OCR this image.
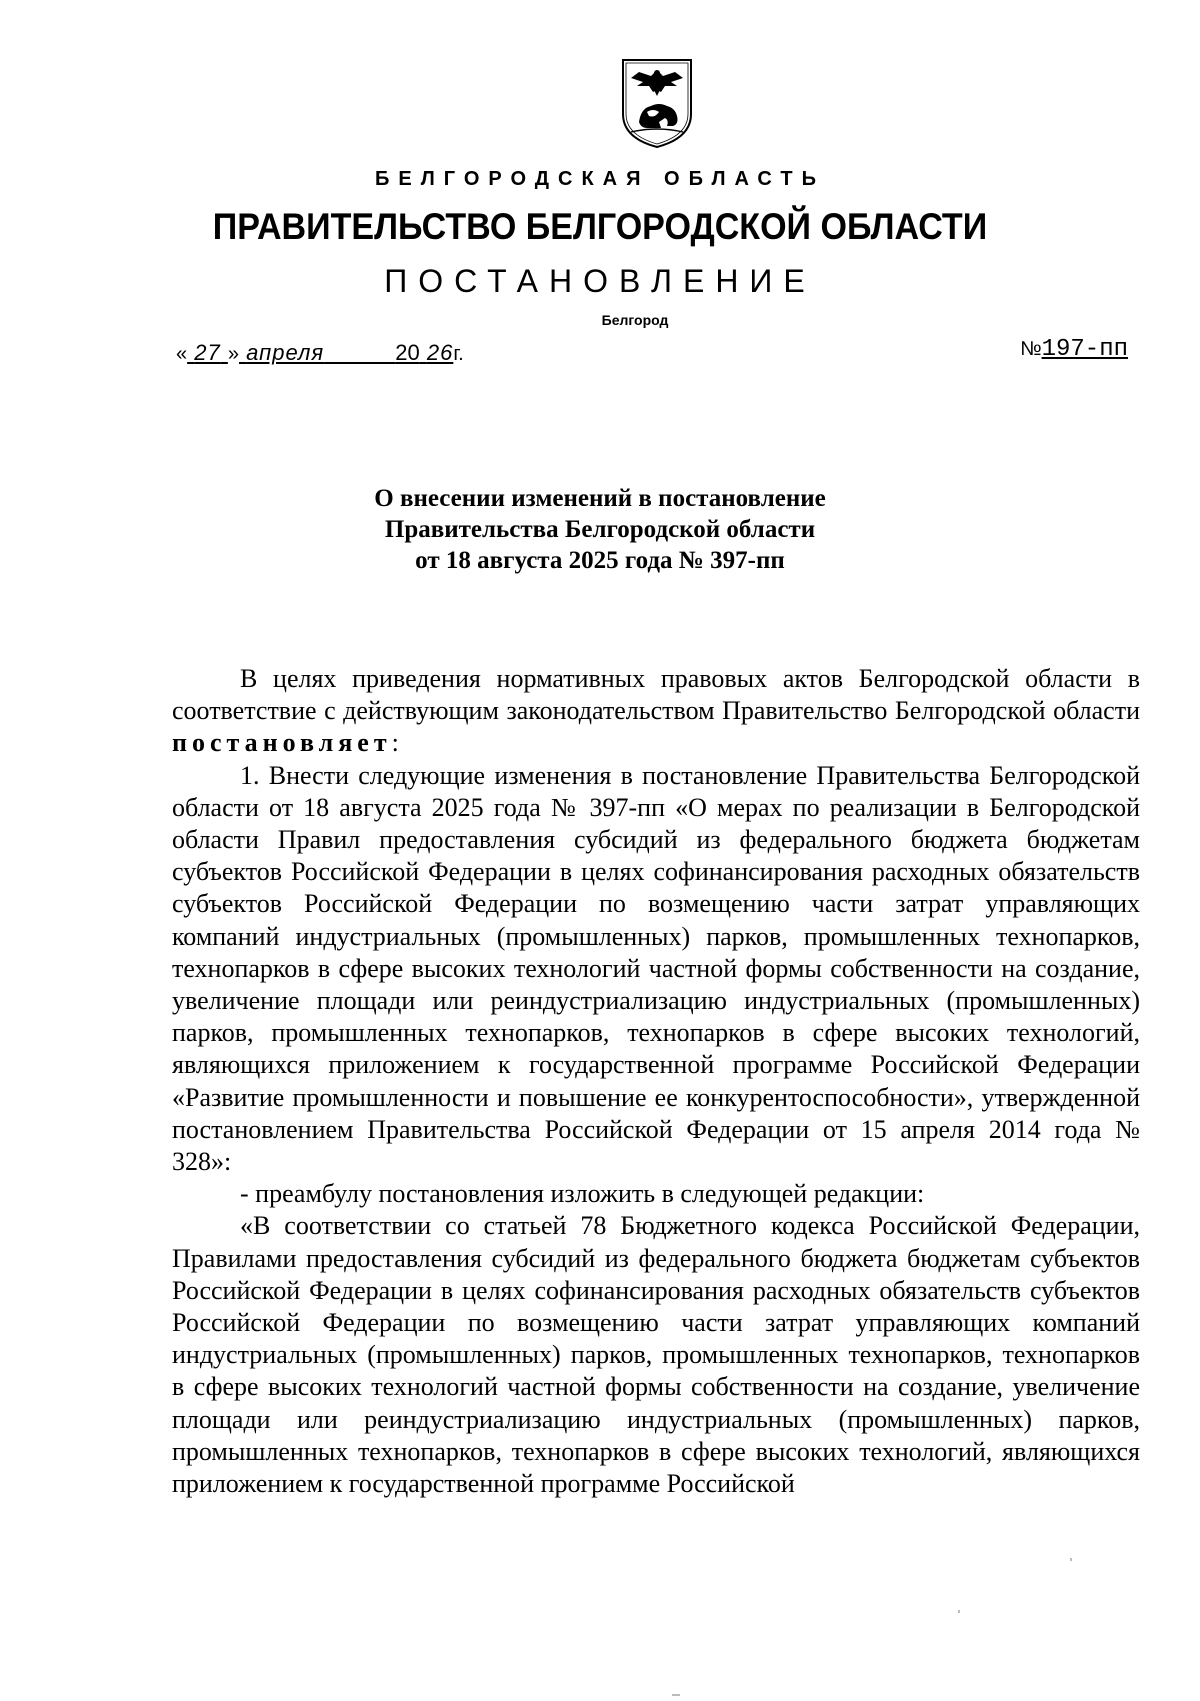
БЕЛГОРОДСКАЯ ОБЛАСТЬ
ПРАВИТЕЛЬСТВО БЕЛГОРОДСКОЙ ОБЛАСТИ
ПОСТАНОВЛЕНИЕ
Белгород
« 27 » апреля	20 26г.	№197-пп
О внесении изменений в постановление
Правительства Белгородской области
от 18 августа 2025 года № 397-пп

В целях приведения нормативных правовых актов Белгородской области в соответствие с действующим законодательством Правительство Белгородской области постановляет:

1. Внести следующие изменения в постановление Правительства Белгородской области от 18 августа 2025 года № 397-пп «О мерах по реализации в Белгородской области Правил предоставления субсидий из федерального бюджета бюджетам субъектов Российской Федерации в целях софинансирования расходных обязательств субъектов Российской Федерации по возмещению части затрат управляющих компаний индустриальных (промышленных) парков, промышленных технопарков, технопарков в сфере высоких технологий частной формы собственности на создание, увеличение площади или реиндустриализацию индустриальных (промышленных) парков, промышленных технопарков, технопарков в сфере высоких технологий, являющихся приложением к государственной программе Российской Федерации «Развитие промышленности и повышение ее конкурентоспособности», утвержденной постановлением Правительства Российской Федерации от 15 апреля 2014 года № 328»:

- преамбулу постановления изложить в следующей редакции:

«В соответствии со статьей 78 Бюджетного кодекса Российской Федерации, Правилами предоставления субсидий из федерального бюджета бюджетам субъектов Российской Федерации в целях софинансирования расходных обязательств субъектов Российской Федерации по возмещению части затрат управляющих компаний индустриальных (промышленных) парков, промышленных технопарков, технопарков в сфере высоких технологий частной формы собственности на создание, увеличение площади или реиндустриализацию индустриальных (промышленных) парков, промышленных технопарков, технопарков в сфере высоких технологий, являющихся приложением к государственной программе Российской
